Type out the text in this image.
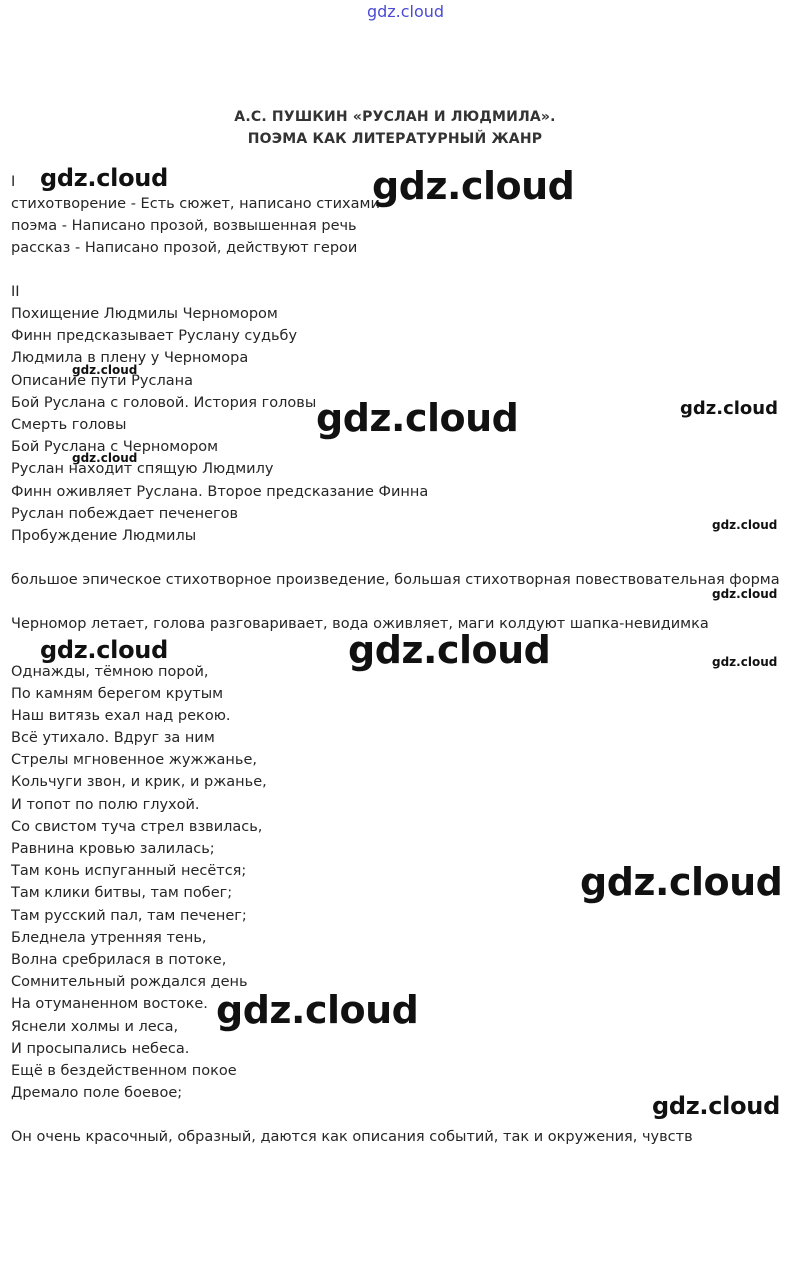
gdz.cloud
А.С. ПУШКИН «РУСЛАН И ЛЮДМИЛА».
ПОЭМА КАК ЛИТЕРАТУРНЫЙ ЖАНР
I
стихотворение - Есть сюжет, написано стихами
поэма - Написано прозой, возвышенная речь
рассказ - Написано прозой, действуют герои
II
Похищение Людмилы Черномором
Финн предсказывает Руслану судьбу
Людмила в плену у Черномора
Описание пути Руслана
Бой Руслана с головой. История головы
Смерть головы
Бой Руслана с Черномором
Руслан находит спящую Людмилу
Финн оживляет Руслана. Второе предсказание Финна
Руслан побеждает печенегов
Пробуждение Людмилы
большое эпическое стихотворное произведение, большая стихотворная повествовательная форма
Черномор летает, голова разговаривает, вода оживляет, маги колдуют шапка-невидимка
Однажды, тёмною порой,
По камням берегом крутым
Наш витязь ехал над рекою.
Всё утихало. Вдруг за ним
Стрелы мгновенное жужжанье,
Кольчуги звон, и крик, и ржанье,
И топот по полю глухой.
Со свистом туча стрел взвилась,
Равнина кровью залилась;
Там конь испуганный несётся;
Там клики битвы, там побег;
Там русский пал, там печенег;
Бледнела утренняя тень,
Волна сребрилася в потоке,
Сомнительный рождался день
На отуманенном востоке.
Яснели холмы и леса,
И просыпались небеса.
Ещё в бездейственном покое
Дремало поле боевое;
Он очень красочный, образный, даются как описания событий, так и окружения, чувств
gdz.cloud	gdz.cloud
gdz.cloud
gdz.cloud	gdz.cloud
gdz.cloud
gdz.cloud
gdz.cloud
gdz.cloud	gdz.cloud	gdz.cloud
gdz.cloud
gdz.cloud
gdz.cloud
